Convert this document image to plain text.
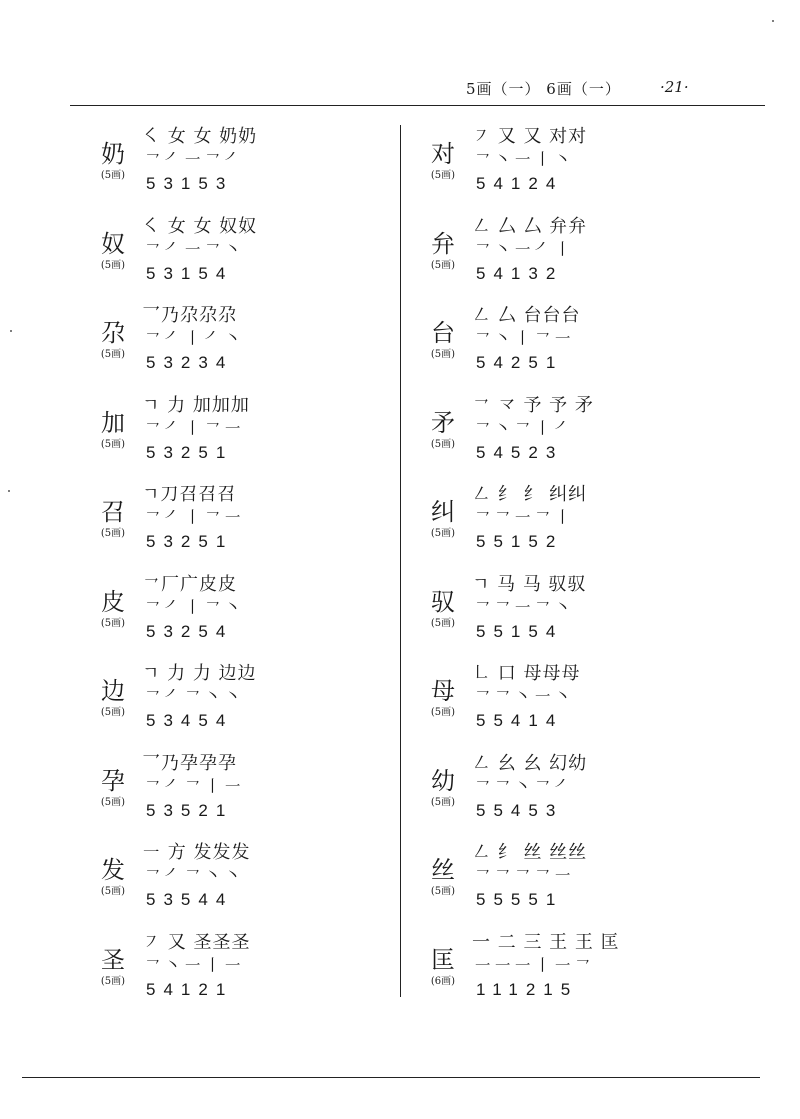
5画（一） 6画（一）	·21·
奶
(5画)
㇛ 女 女 奶奶
㇖㇒㇐㇖㇒
53153
奴
(5画)
㇛ 女 女 奴奴
㇖㇒㇐㇖㇔
53154
尕
(5画)
乛乃尕尕尕
㇖㇒㇑㇒㇔
53234
加
(5画)
ㄱ 力 加加加
㇖㇒㇑㇖㇐
53251
召
(5画)
ㄱ刀召召召
㇖㇒㇑㇖㇐
53251
皮
(5画)
㇖厂广皮皮
㇖㇒㇑㇖㇔
53254
边
(5画)
ㄱ 力 力 边边
㇖㇒㇖㇔㇔
53454
孕
(5画)
乛乃孕孕孕
㇖㇒㇖㇑㇐
53521
发
(5画)
㇐ 方 发发发
㇖㇒㇖㇔㇔
53544
圣
(5画)
㇇ 又 圣圣圣
㇖㇔㇐㇑㇐
54121
对
(5画)
㇇ 又 又 对对
㇖㇔㇐㇑㇔
54124
弁
(5画)
㇜ 厶 厶 弁弁
㇖㇔㇐㇒㇑
54132
台
(5画)
㇜ 厶 台台台
㇖㇔㇑㇖㇐
54251
矛
(5画)
㇖ 龴 予 予 矛
㇖㇔㇖㇑㇒
54523
纠
(5画)
㇜ 纟 纟 纠纠
㇖㇖㇐㇖㇑
55152
驭
(5画)
ㄱ 马 马 驭驭
㇖㇖㇐㇖㇔
55154
母
(5画)
㇗ 口 母母母
㇖㇖㇔㇐㇔
55414
幼
(5画)
㇜ 幺 幺 幻幼
㇖㇖㇔㇖㇒
55453
丝
(5画)
㇜ 纟 丝 丝丝
㇖㇖㇖㇖㇐
55551
匡
(6画)
一 二 三 王 王 匡
㇐㇐㇐㇑㇐㇖
111215
